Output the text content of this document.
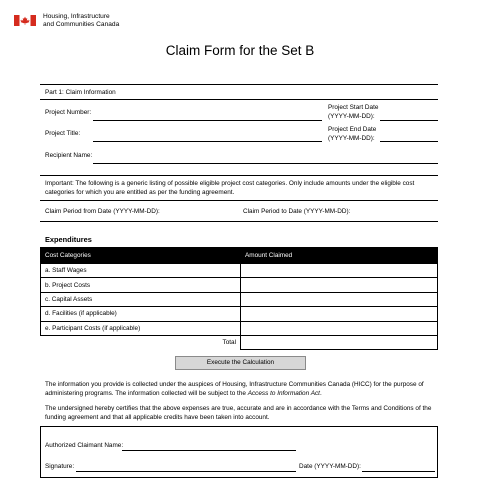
Housing, Infrastructure
and Communities Canada
Claim Form for the Set B
Part 1: Claim Information
Project Number:
Project Start Date
(YYYY-MM-DD):
Project Title:
Project End Date
(YYYY-MM-DD):
Recipient Name:
Important: The following is a generic listing of possible eligible project cost categories. Only include amounts under the eligible cost categories for which you are entitled as per the funding agreement.
Claim Period from Date (YYYY-MM-DD):	Claim Period to Date (YYYY-MM-DD):
Expenditures
Cost Categories	Amount Claimed
a. Staff Wages	
b. Project Costs	
c. Capital Assets	
d. Facilities (if applicable)	
e. Participant Costs (if applicable)	
Total	
Execute the Calculation
The information you provide is collected under the auspices of Housing, Infrastructure Communities Canada (HICC) for the purpose of administering programs. The information collected will be subject to the Access to Information Act.
The undersigned hereby certifies that the above expenses are true, accurate and are in accordance with the Terms and Conditions of the funding agreement and that all applicable credits have been taken into account.
Authorized Claimant Name:
Signature:	Date (YYYY-MM-DD):
